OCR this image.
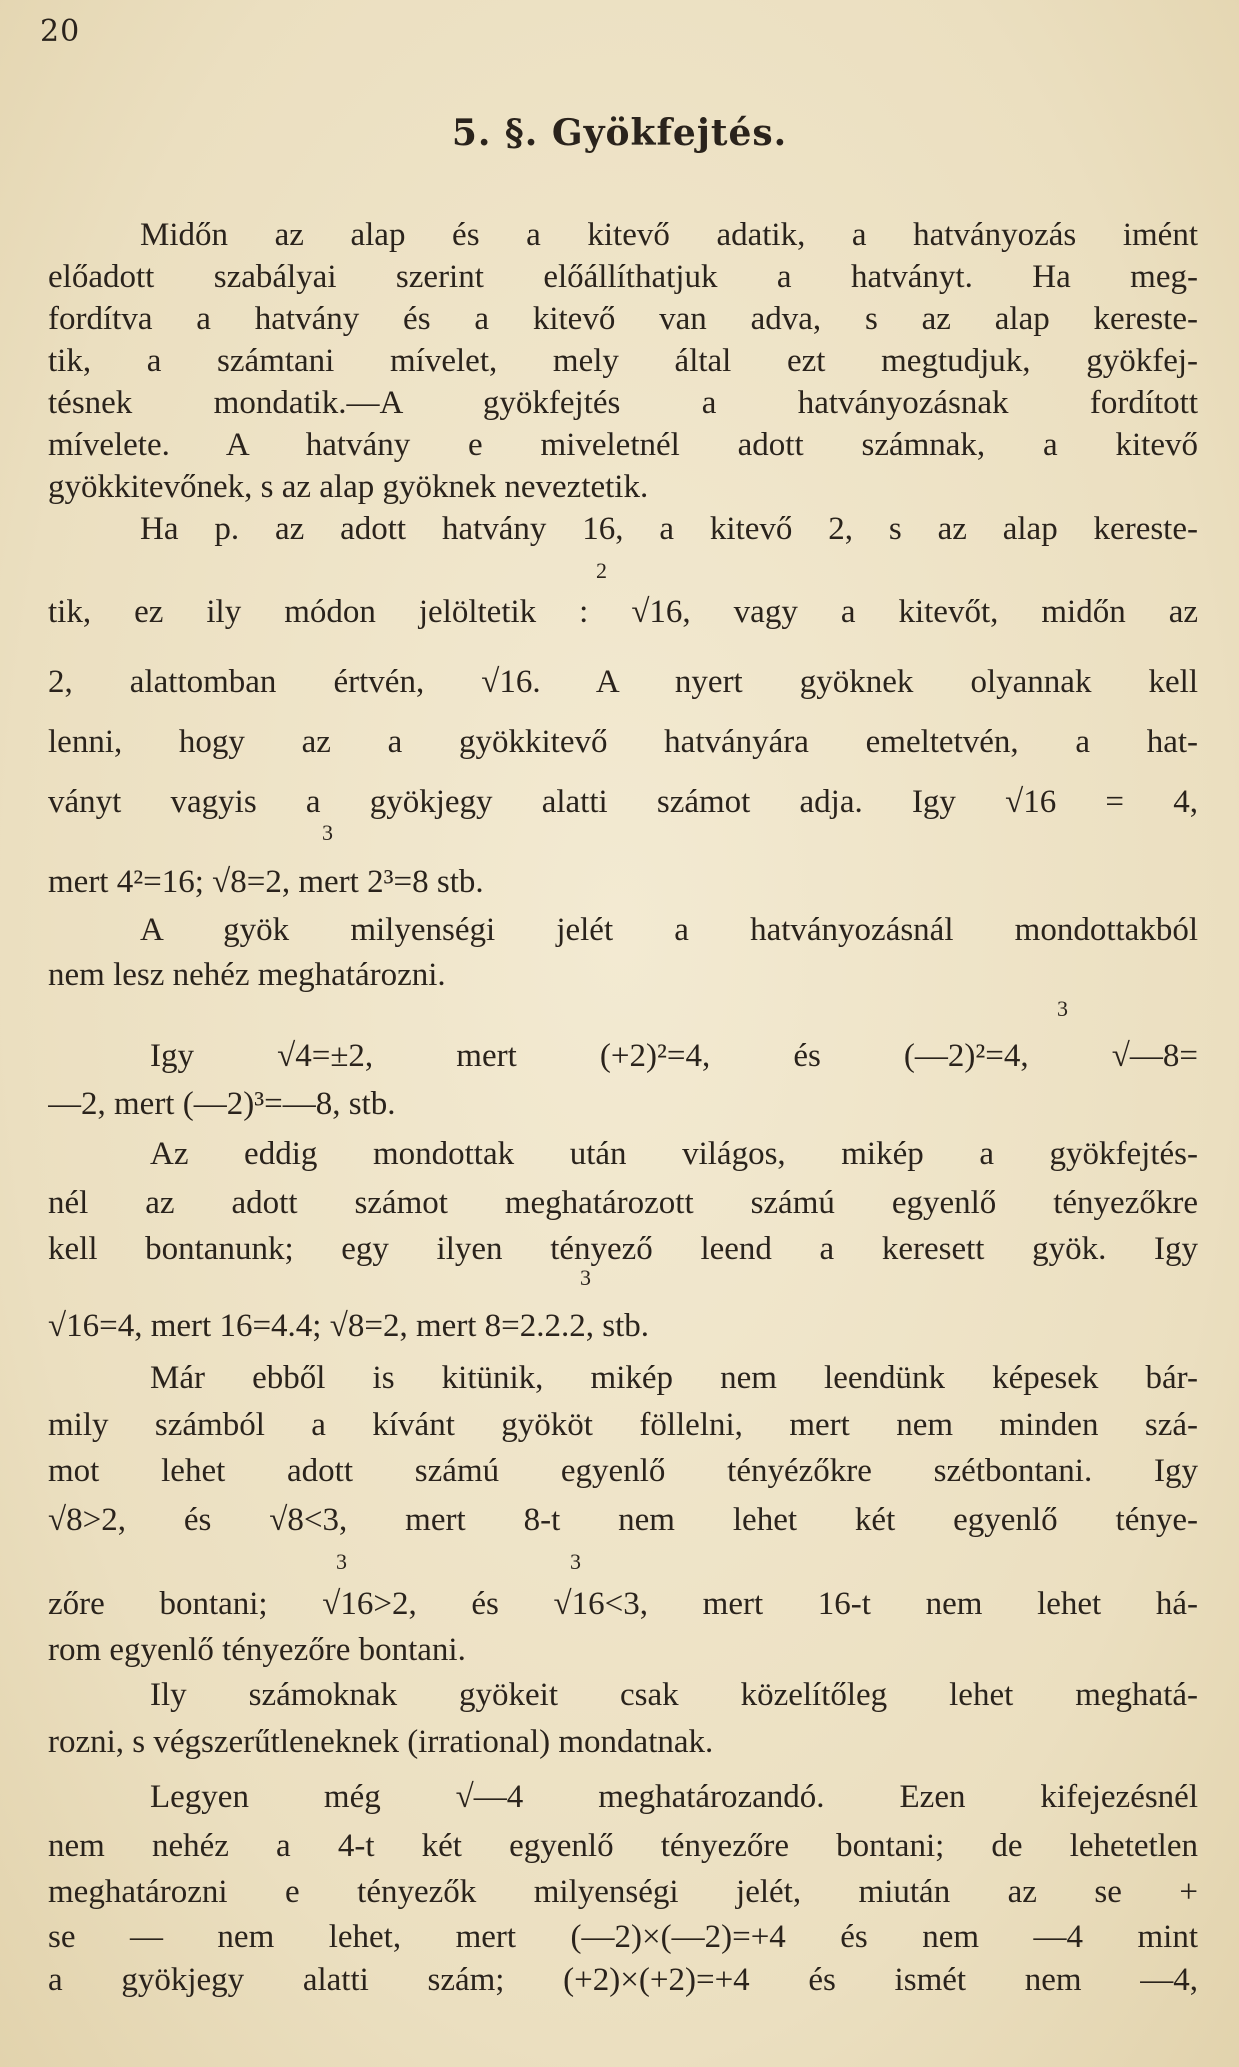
20
5. §. Gyökfejtés.
Midőn az alap és a kitevő adatik, a hatványozás imént
előadott szabályai szerint előállíthatjuk a hatványt. Ha meg-
fordítva a hatvány és a kitevő van adva, s az alap kereste-
tik, a számtani mívelet, mely által ezt megtudjuk, gyökfej-
tésnek mondatik.—A gyökfejtés a hatványozásnak fordított
mívelete. A hatvány e miveletnél adott számnak, a kitevő
gyökkitevőnek, s az alap gyöknek neveztetik.
Ha p. az adott hatvány 16, a kitevő 2, s az alap kereste-
tik, ez ily módon jelöltetik : √16, vagy a kitevőt, midőn az
2, alattomban értvén, √16. A nyert gyöknek olyannak kell
lenni, hogy az a gyökkitevő hatványára emeltetvén, a hat-
ványt vagyis a gyökjegy alatti számot adja. Igy √16 = 4,
mert 4²=16; √8=2, mert 2³=8 stb.
A gyök milyenségi jelét a hatványozásnál mondottakból
nem lesz nehéz meghatározni.
Igy √4=±2, mert (+2)²=4, és (—2)²=4, √—8=
—2, mert (—2)³=—8, stb.
Az eddig mondottak után világos, mikép a gyökfejtés-
nél az adott számot meghatározott számú egyenlő tényezőkre
kell bontanunk; egy ilyen tényező leend a keresett gyök. Igy
√16=4, mert 16=4.4; √8=2, mert 8=2.2.2, stb.
Már ebből is kitünik, mikép nem leendünk képesek bár-
mily számból a kívánt gyököt föllelni, mert nem minden szá-
mot lehet adott számú egyenlő tényézőkre szétbontani. Igy
√8>2, és √8<3, mert 8-t nem lehet két egyenlő ténye-
zőre bontani; √16>2, és √16<3, mert 16-t nem lehet há-
rom egyenlő tényezőre bontani.
Ily számoknak gyökeit csak közelítőleg lehet meghatá-
rozni, s végszerűtleneknek (irrational) mondatnak.
Legyen még √—4 meghatározandó. Ezen kifejezésnél
nem nehéz a 4-t két egyenlő tényezőre bontani; de lehetetlen
meghatározni e tényezők milyenségi jelét, miután az se +
se — nem lehet, mert (—2)×(—2)=+4 és nem —4 mint
a gyökjegy alatti szám; (+2)×(+2)=+4 és ismét nem —4,
2
3
3
3
3	3
